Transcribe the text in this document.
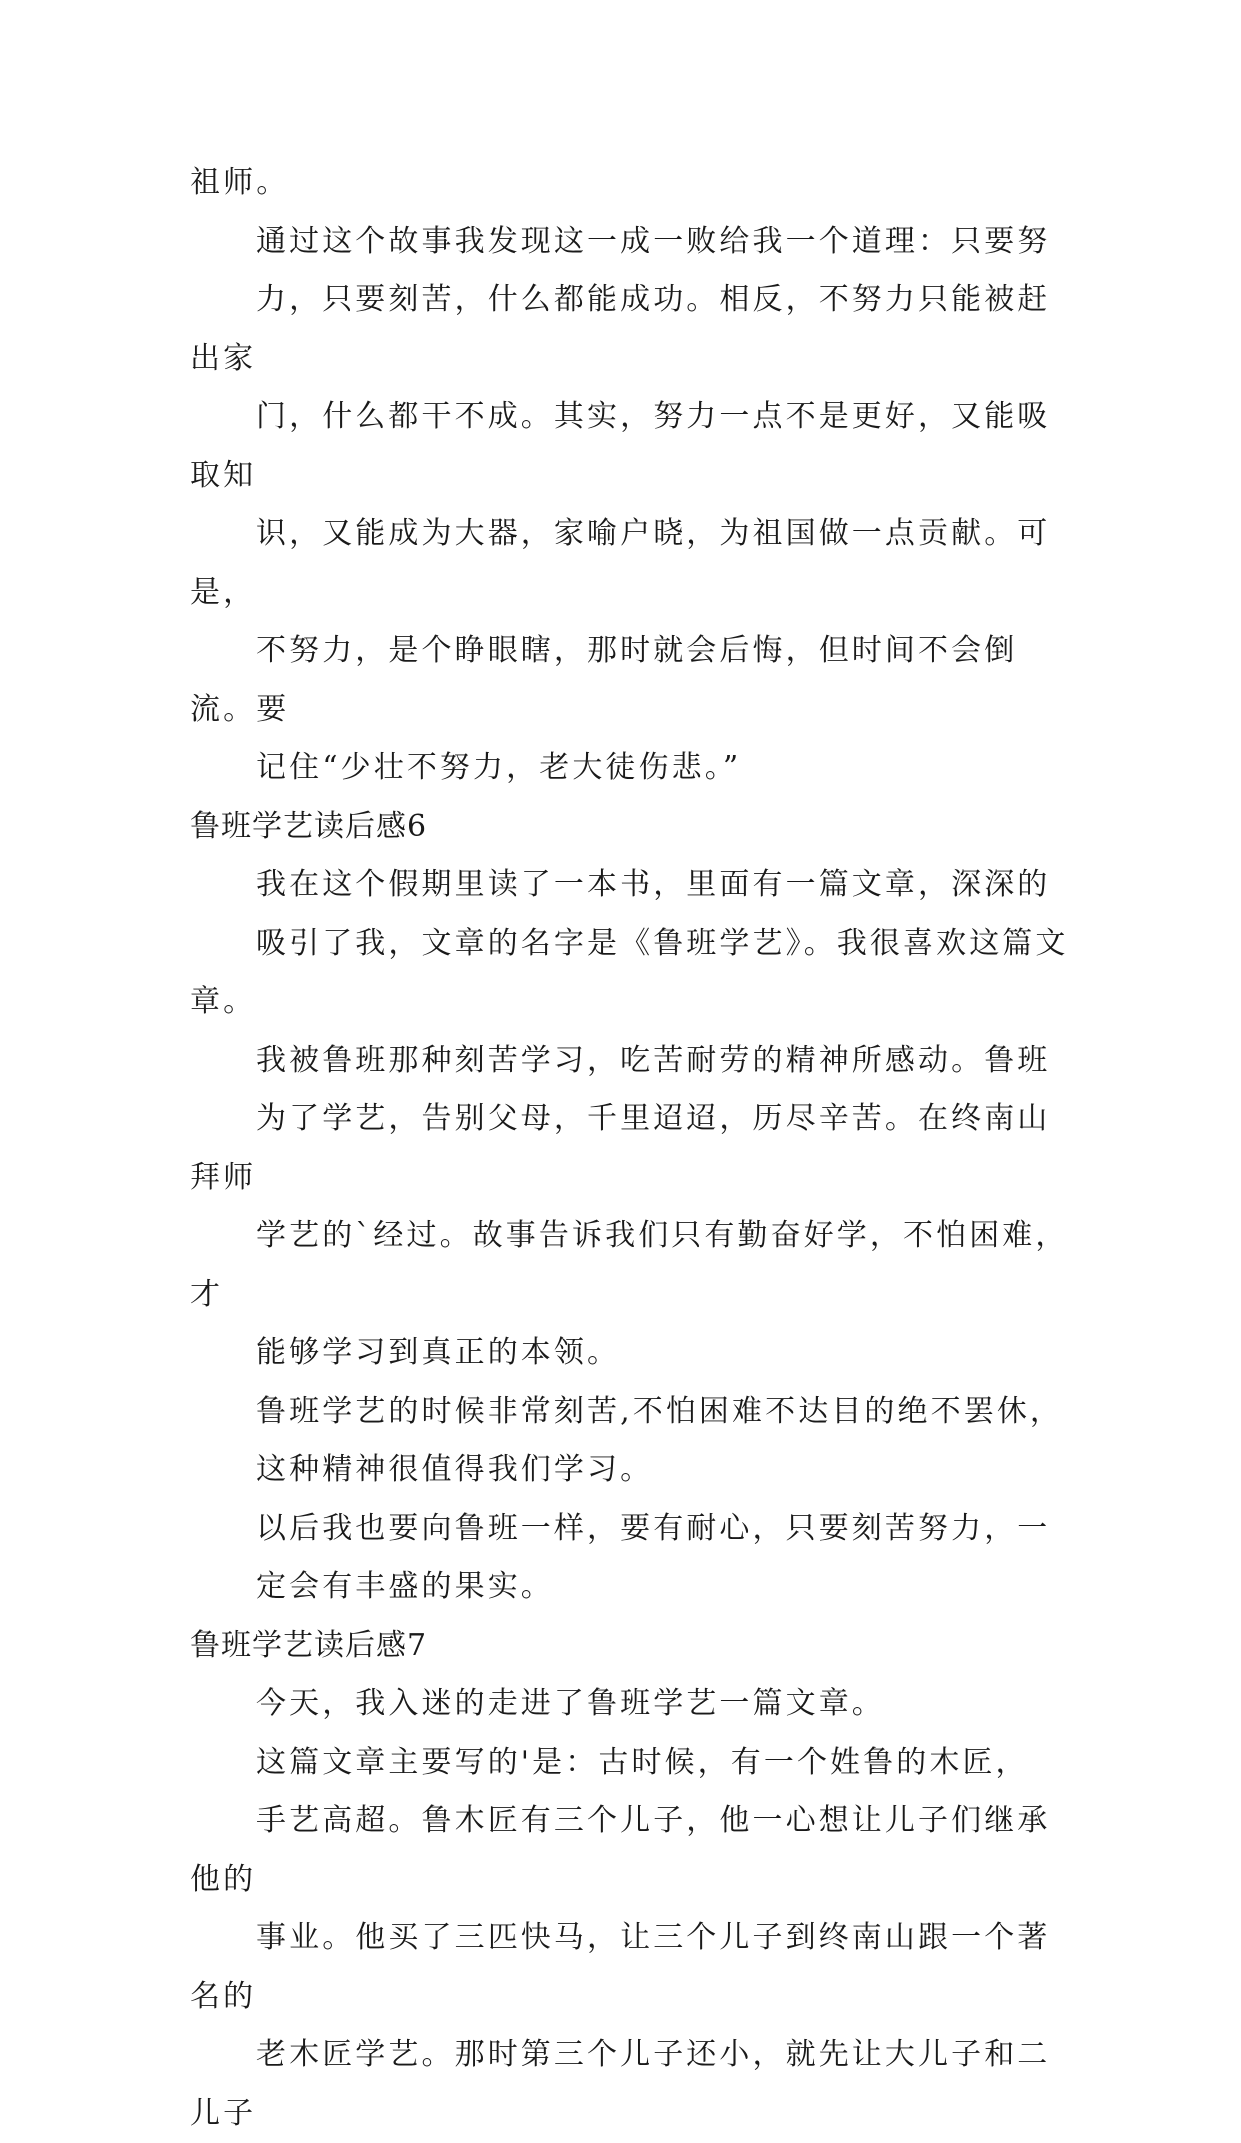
祖师。

通过这个故事我发现这一成一败给我一个道理：只要努
力，只要刻苦，什么都能成功。相反，不努力只能被赶出家
门，什么都干不成。其实，努力一点不是更好，又能吸取知
识，又能成为大器，家喻户晓，为祖国做一点贡献。可是，
不努力，是个睁眼瞎，那时就会后悔，但时间不会倒流。要
记住“少壮不努力，老大徒伤悲。”

鲁班学艺读后感6

我在这个假期里读了一本书，里面有一篇文章，深深的
吸引了我，文章的名字是《鲁班学艺》。我很喜欢这篇文章。

我被鲁班那种刻苦学习，吃苦耐劳的精神所感动。鲁班
为了学艺，告别父母，千里迢迢，历尽辛苦。在终南山拜师
学艺的`经过。故事告诉我们只有勤奋好学，不怕困难，才
能够学习到真正的本领。

鲁班学艺的时候非常刻苦,不怕困难不达目的绝不罢休，
这种精神很值得我们学习。

以后我也要向鲁班一样，要有耐心，只要刻苦努力，一
定会有丰盛的果实。

鲁班学艺读后感7

今天，我入迷的走进了鲁班学艺一篇文章。

这篇文章主要写的'是：古时候，有一个姓鲁的木匠，
手艺高超。鲁木匠有三个儿子，他一心想让儿子们继承他的
事业。他买了三匹快马，让三个儿子到终南山跟一个著名的
老木匠学艺。那时第三个儿子还小，就先让大儿子和二儿子
